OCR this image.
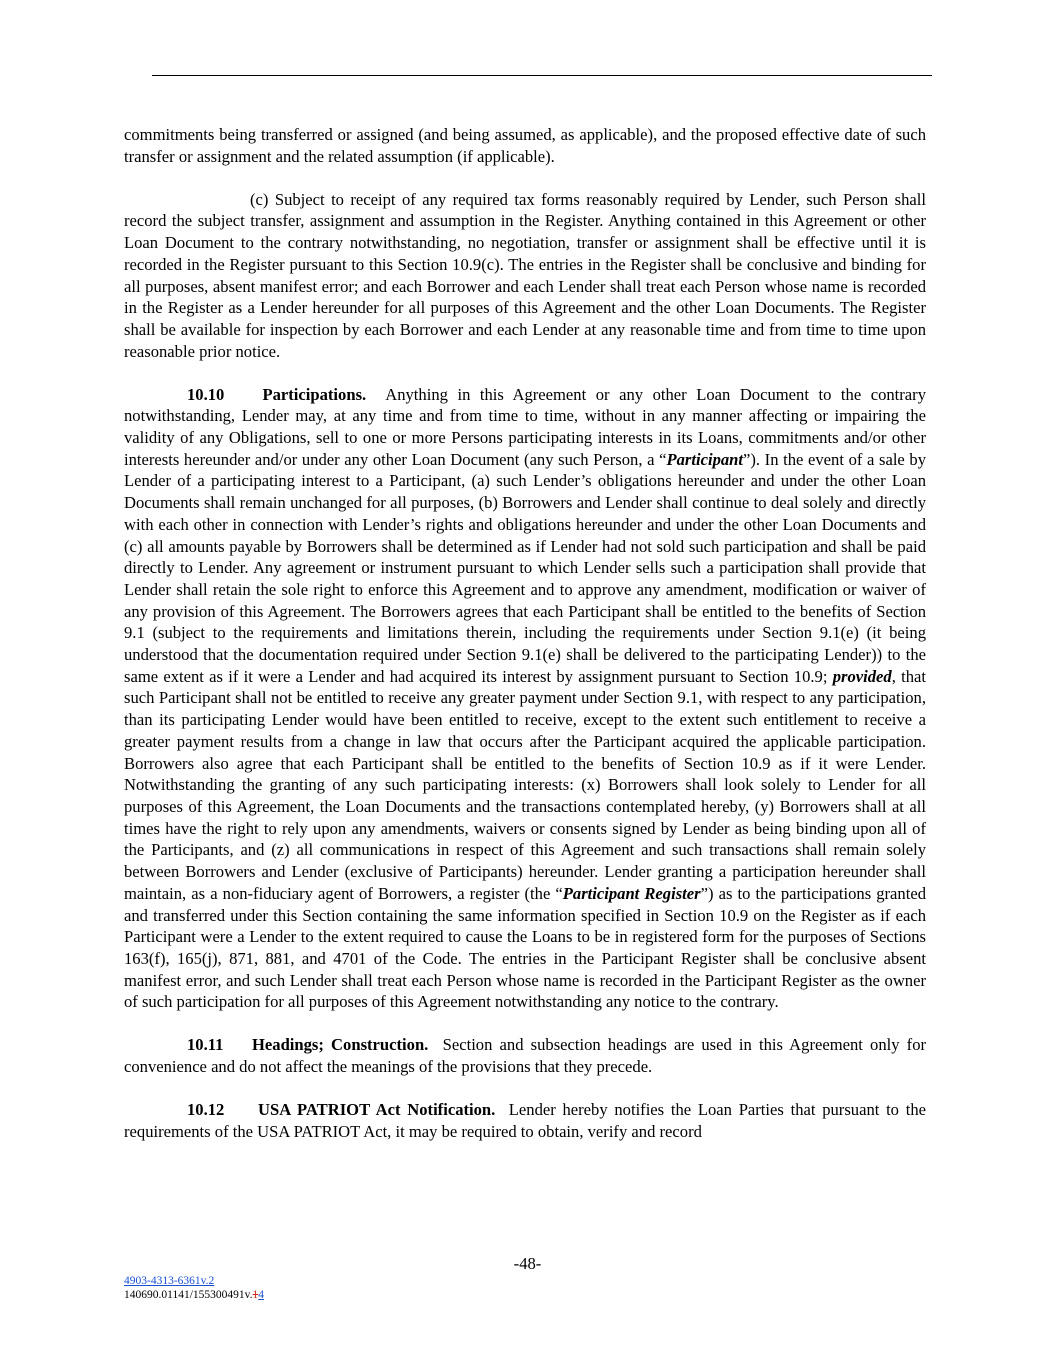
commitments being transferred or assigned (and being assumed, as applicable), and the proposed effective date of such transfer or assignment and the related assumption (if applicable).

(c) Subject to receipt of any required tax forms reasonably required by Lender, such Person shall record the subject transfer, assignment and assumption in the Register. Anything contained in this Agreement or other Loan Document to the contrary notwithstanding, no negotiation, transfer or assignment shall be effective until it is recorded in the Register pursuant to this Section 10.9(c). The entries in the Register shall be conclusive and binding for all purposes, absent manifest error; and each Borrower and each Lender shall treat each Person whose name is recorded in the Register as a Lender hereunder for all purposes of this Agreement and the other Loan Documents. The Register shall be available for inspection by each Borrower and each Lender at any reasonable time and from time to time upon reasonable prior notice.

10.10 Participations. Anything in this Agreement or any other Loan Document to the contrary notwithstanding, Lender may, at any time and from time to time, without in any manner affecting or impairing the validity of any Obligations, sell to one or more Persons participating interests in its Loans, commitments and/or other interests hereunder and/or under any other Loan Document (any such Person, a “Participant”). In the event of a sale by Lender of a participating interest to a Participant, (a) such Lender’s obligations hereunder and under the other Loan Documents shall remain unchanged for all purposes, (b) Borrowers and Lender shall continue to deal solely and directly with each other in connection with Lender’s rights and obligations hereunder and under the other Loan Documents and (c) all amounts payable by Borrowers shall be determined as if Lender had not sold such participation and shall be paid directly to Lender. Any agreement or instrument pursuant to which Lender sells such a participation shall provide that Lender shall retain the sole right to enforce this Agreement and to approve any amendment, modification or waiver of any provision of this Agreement. The Borrowers agrees that each Participant shall be entitled to the benefits of Section 9.1 (subject to the requirements and limitations therein, including the requirements under Section 9.1(e) (it being understood that the documentation required under Section 9.1(e) shall be delivered to the participating Lender)) to the same extent as if it were a Lender and had acquired its interest by assignment pursuant to Section 10.9; provided, that such Participant shall not be entitled to receive any greater payment under Section 9.1, with respect to any participation, than its participating Lender would have been entitled to receive, except to the extent such entitlement to receive a greater payment results from a change in law that occurs after the Participant acquired the applicable participation. Borrowers also agree that each Participant shall be entitled to the benefits of Section 10.9 as if it were Lender. Notwithstanding the granting of any such participating interests: (x) Borrowers shall look solely to Lender for all purposes of this Agreement, the Loan Documents and the transactions contemplated hereby, (y) Borrowers shall at all times have the right to rely upon any amendments, waivers or consents signed by Lender as being binding upon all of the Participants, and (z) all communications in respect of this Agreement and such transactions shall remain solely between Borrowers and Lender (exclusive of Participants) hereunder. Lender granting a participation hereunder shall maintain, as a non-fiduciary agent of Borrowers, a register (the “Participant Register”) as to the participations granted and transferred under this Section containing the same information specified in Section 10.9 on the Register as if each Participant were a Lender to the extent required to cause the Loans to be in registered form for the purposes of Sections 163(f), 165(j), 871, 881, and 4701 of the Code. The entries in the Participant Register shall be conclusive absent manifest error, and such Lender shall treat each Person whose name is recorded in the Participant Register as the owner of such participation for all purposes of this Agreement notwithstanding any notice to the contrary.

10.11 Headings; Construction. Section and subsection headings are used in this Agreement only for convenience and do not affect the meanings of the provisions that they precede.

10.12 USA PATRIOT Act Notification. Lender hereby notifies the Loan Parties that pursuant to the requirements of the USA PATRIOT Act, it may be required to obtain, verify and record

-48-
4903-4313-6361v.2
140690.01141/155300491v.14
